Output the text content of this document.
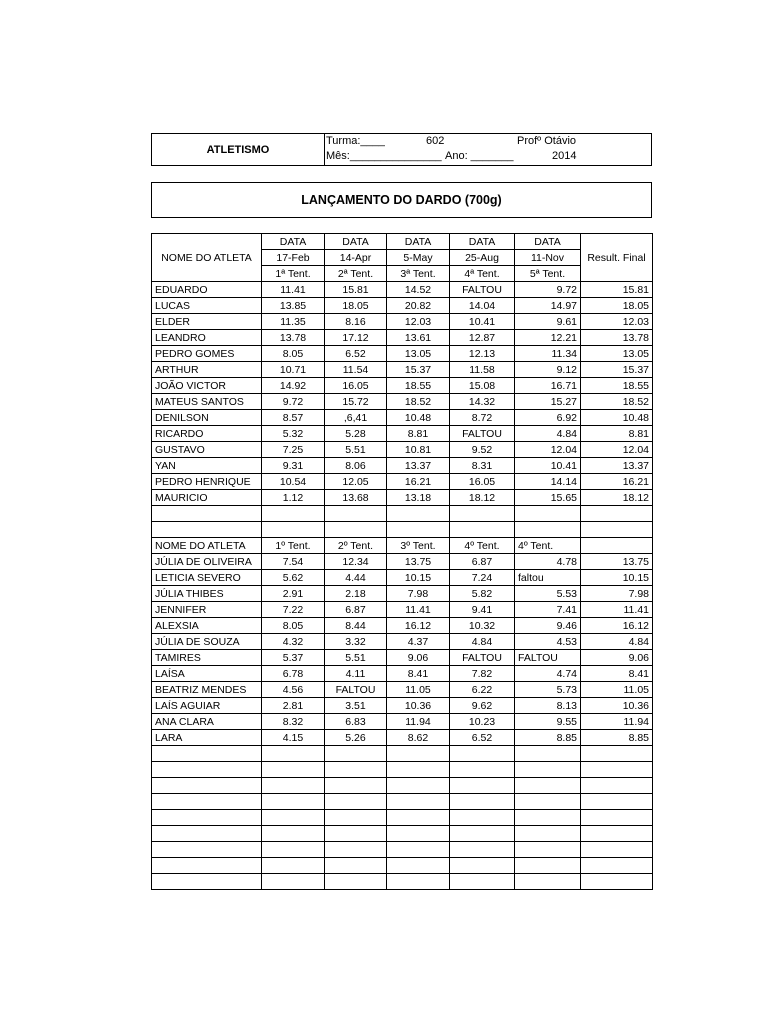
ATLETISMO
Turma:____	602	Profº Otávio
Mês:_______________ Ano: _______	2014
LANÇAMENTO DO DARDO (700g)
NOME DO ATLETA	DATA	DATA	DATA	DATA	DATA	Result. Final
	17-Feb	14-Apr	5-May	25-Aug	11-Nov	
	1ª Tent.	2ª Tent.	3ª Tent.	4ª Tent.	5ª Tent.	
EDUARDO	11.41	15.81	14.52	FALTOU	9.72	15.81
LUCAS	13.85	18.05	20.82	14.04	14.97	18.05
ELDER	11.35	8.16	12.03	10.41	9.61	12.03
LEANDRO	13.78	17.12	13.61	12.87	12.21	13.78
PEDRO GOMES	8.05	6.52	13.05	12.13	11.34	13.05
ARTHUR	10.71	11.54	15.37	11.58	9.12	15.37
JOÃO VICTOR	14.92	16.05	18.55	15.08	16.71	18.55
MATEUS SANTOS	9.72	15.72	18.52	14.32	15.27	18.52
DENILSON	8.57	,6,41	10.48	8.72	6.92	10.48
RICARDO	5.32	5.28	8.81	FALTOU	4.84	8.81
GUSTAVO	7.25	5.51	10.81	9.52	12.04	12.04
YAN	9.31	8.06	13.37	8.31	10.41	13.37
PEDRO HENRIQUE	10.54	12.05	16.21	16.05	14.14	16.21
MAURICIO	1.12	13.68	13.18	18.12	15.65	18.12

NOME DO ATLETA	1º Tent.	2º Tent.	3º Tent.	4º Tent.	4º Tent.	
JÚLIA DE OLIVEIRA	7.54	12.34	13.75	6.87	4.78	13.75
LETICIA SEVERO	5.62	4.44	10.15	7.24	faltou	10.15
JÚLIA THIBES	2.91	2.18	7.98	5.82	5.53	7.98
JENNIFER	7.22	6.87	11.41	9.41	7.41	11.41
ALEXSIA	8.05	8.44	16.12	10.32	9.46	16.12
JÚLIA DE SOUZA	4.32	3.32	4.37	4.84	4.53	4.84
TAMIRES	5.37	5.51	9.06	FALTOU	FALTOU	9.06
LAÍSA	6.78	4.11	8.41	7.82	4.74	8.41
BEATRIZ MENDES	4.56	FALTOU	11.05	6.22	5.73	11.05
LAÍS AGUIAR	2.81	3.51	10.36	9.62	8.13	10.36
ANA CLARA	8.32	6.83	11.94	10.23	9.55	11.94
LARA	4.15	5.26	8.62	6.52	8.85	8.85
